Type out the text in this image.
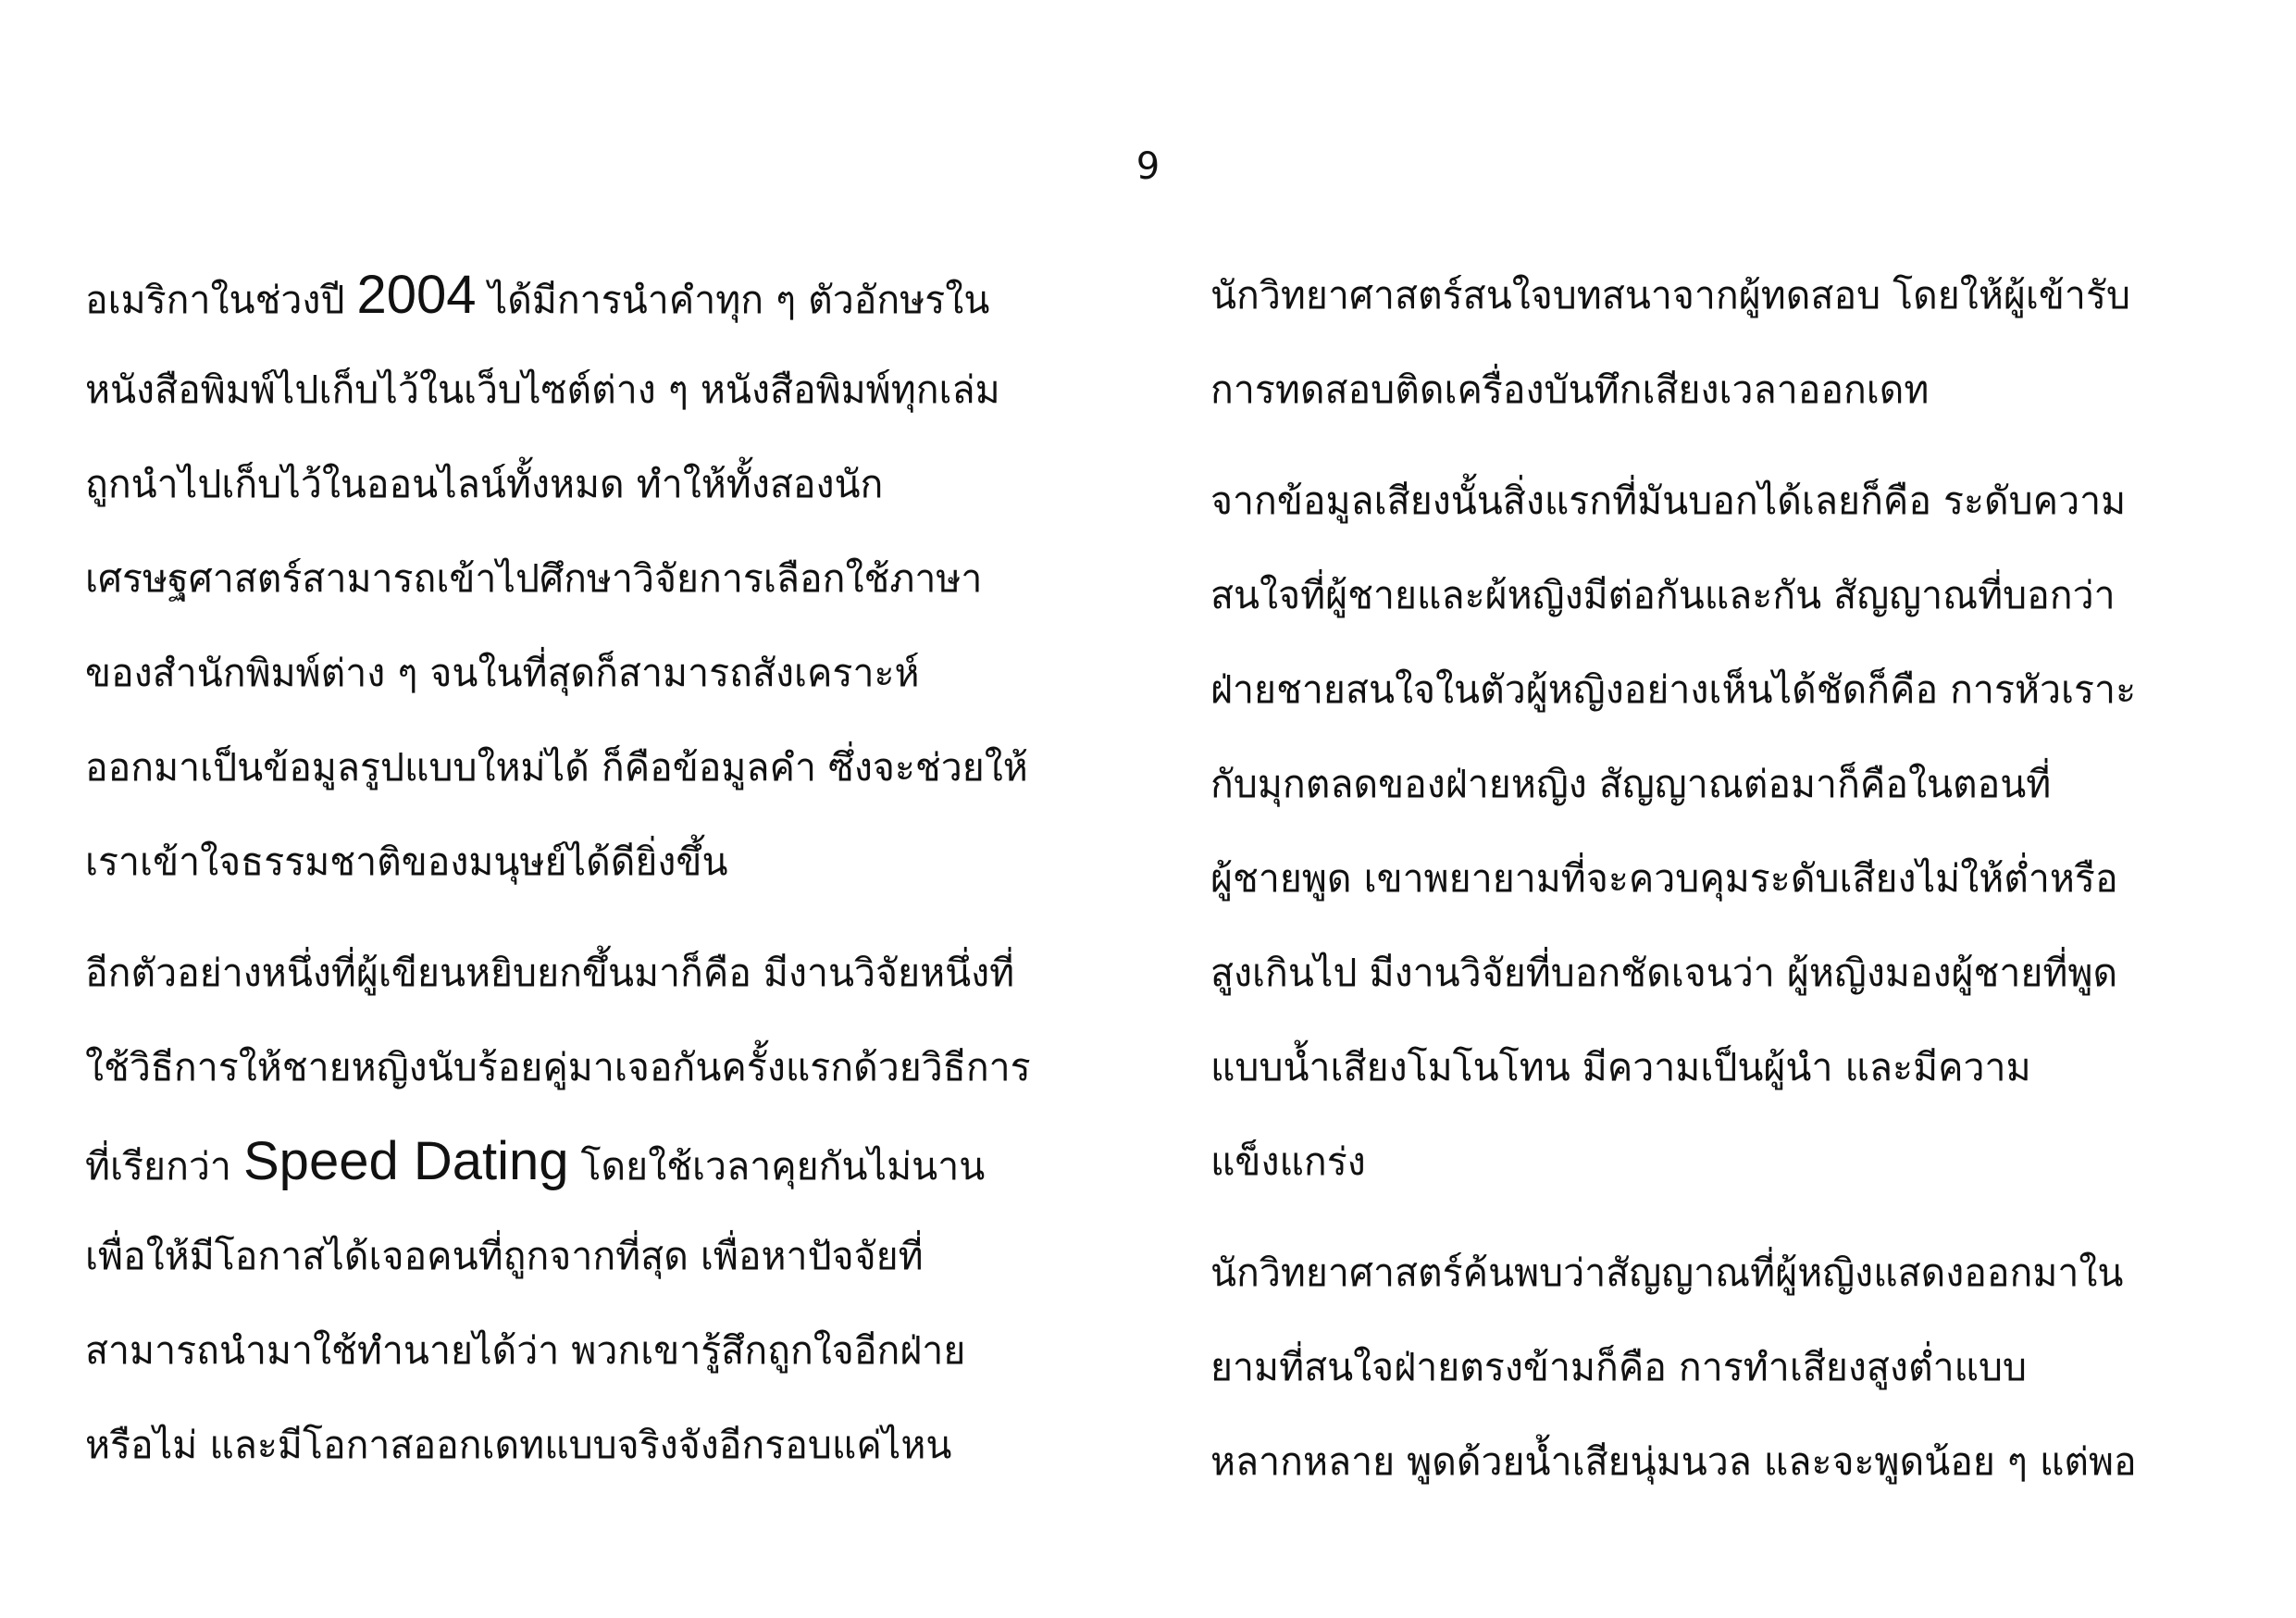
9
อเมริกาในช่วงปี 2004 ได้มีการนำคำทุก ๆ ตัวอักษรใน
หนังสือพิมพ์ไปเก็บไว้ในเว็บไซต์ต่าง ๆ หนังสือพิมพ์ทุกเล่ม
ถูกนำไปเก็บไว้ในออนไลน์ทั้งหมด ทำให้ทั้งสองนัก
เศรษฐศาสตร์สามารถเข้าไปศึกษาวิจัยการเลือกใช้ภาษา
ของสำนักพิมพ์ต่าง ๆ จนในที่สุดก็สามารถสังเคราะห์
ออกมาเป็นข้อมูลรูปแบบใหม่ได้ ก็คือข้อมูลคำ ซึ่งจะช่วยให้
เราเข้าใจธรรมชาติของมนุษย์ได้ดียิ่งขึ้น
อีกตัวอย่างหนึ่งที่ผู้เขียนหยิบยกขึ้นมาก็คือ มีงานวิจัยหนึ่งที่
ใช้วิธีการให้ชายหญิงนับร้อยคู่มาเจอกันครั้งแรกด้วยวิธีการ
ที่เรียกว่า Speed Dating โดยใช้เวลาคุยกันไม่นาน
เพื่อให้มีโอกาสได้เจอคนที่ถูกจากที่สุด เพื่อหาปัจจัยที่
สามารถนำมาใช้ทำนายได้ว่า พวกเขารู้สึกถูกใจอีกฝ่าย
หรือไม่ และมีโอกาสออกเดทแบบจริงจังอีกรอบแค่ไหน
นักวิทยาศาสตร์สนใจบทสนาจากผู้ทดสอบ โดยให้ผู้เข้ารับ
การทดสอบติดเครื่องบันทึกเสียงเวลาออกเดท
จากข้อมูลเสียงนั้นสิ่งแรกที่มันบอกได้เลยก็คือ ระดับความ
สนใจที่ผู้ชายและผ้หญิงมีต่อกันและกัน สัญญาณที่บอกว่า
ฝ่ายชายสนใจในตัวผู้หญิงอย่างเห็นได้ชัดก็คือ การหัวเราะ
กับมุกตลดของฝ่ายหญิง สัญญาณต่อมาก็คือในตอนที่
ผู้ชายพูด เขาพยายามที่จะควบคุมระดับเสียงไม่ให้ต่ำหรือ
สูงเกินไป มีงานวิจัยที่บอกชัดเจนว่า ผู้หญิงมองผู้ชายที่พูด
แบบน้ำเสียงโมโนโทน มีความเป็นผู้นำ และมีความ
แข็งแกร่ง
นักวิทยาศาสตร์ค้นพบว่าสัญญาณที่ผู้หญิงแสดงออกมาใน
ยามที่สนใจฝ่ายตรงข้ามก็คือ การทำเสียงสูงต่ำแบบ
หลากหลาย พูดด้วยน้ำเสียนุ่มนวล และจะพูดน้อย ๆ แต่พอ
